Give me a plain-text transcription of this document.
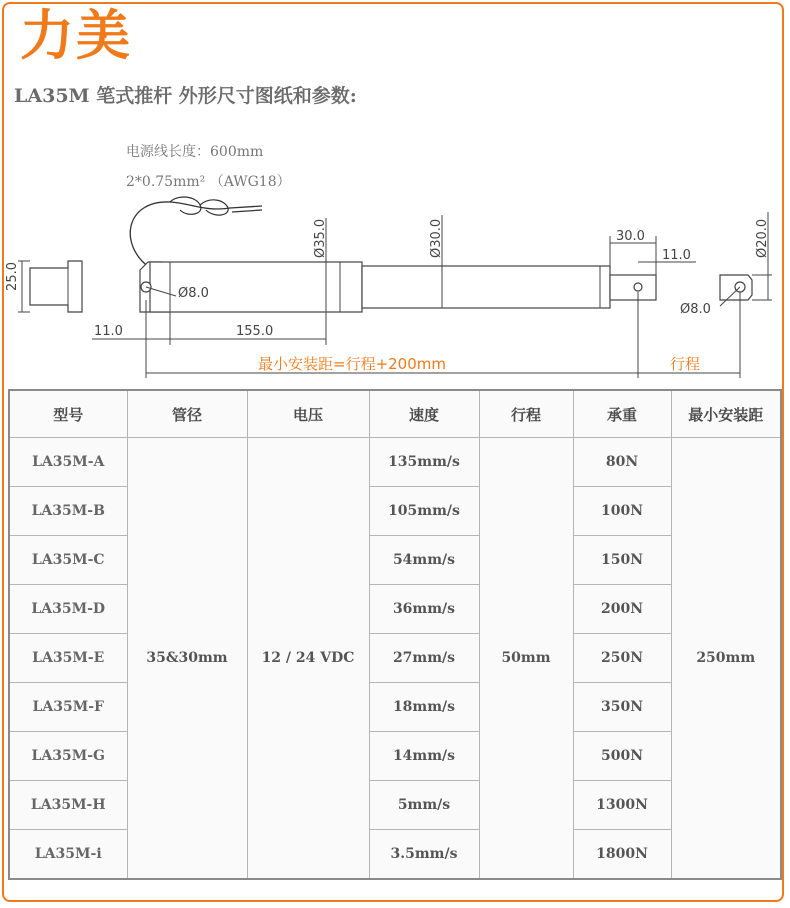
力美
LA35M 笔式推杆 外形尺寸图纸和参数:
电源线长度：600mm
2*0.75mm² （AWG18）
25.0
Ø35.0	Ø30.0	Ø20.0
30.0
11.0
Ø8.0
Ø8.0
11.0	155.0
最小安装距=行程+200mm	行程
型号	管径	电压	速度	行程	承重	最小安装距
LA35M-A	35&30mm	12 / 24 VDC	135mm/s	50mm	80N	250mm
LA35M-B			105mm/s		100N	
LA35M-C			54mm/s		150N	
LA35M-D			36mm/s		200N	
LA35M-E			27mm/s		250N	
LA35M-F			18mm/s		350N	
LA35M-G			14mm/s		500N	
LA35M-H			5mm/s		1300N	
LA35M-i			3.5mm/s		1800N	
